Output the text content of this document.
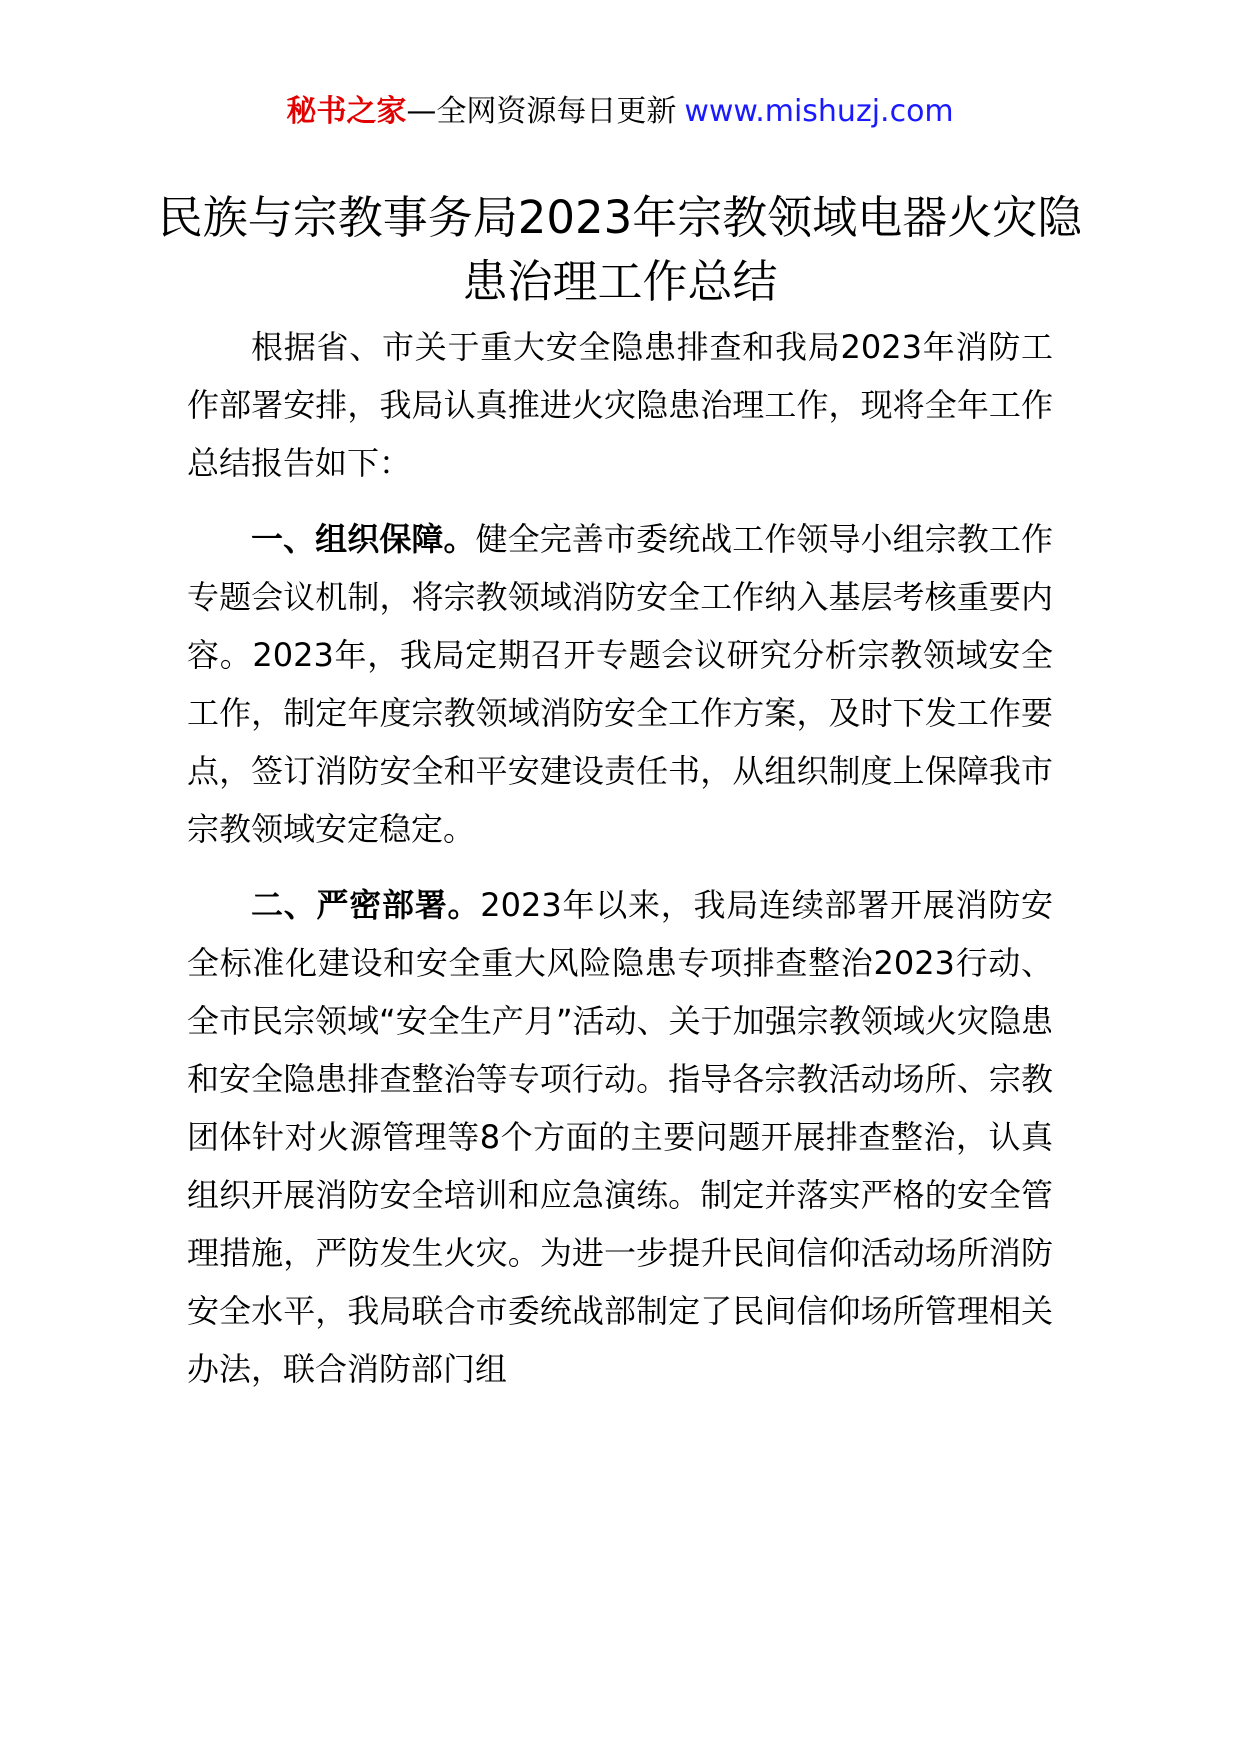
秘书之家—全网资源每日更新 www.mishuzj.com
民族与宗教事务局2023年宗教领域电器火灾隐患治理工作总结

根据省、市关于重大安全隐患排查和我局2023年消防工作部署安排，我局认真推进火灾隐患治理工作，现将全年工作总结报告如下：

一、组织保障。健全完善市委统战工作领导小组宗教工作专题会议机制，将宗教领域消防安全工作纳入基层考核重要内容。2023年，我局定期召开专题会议研究分析宗教领域安全工作，制定年度宗教领域消防安全工作方案，及时下发工作要点，签订消防安全和平安建设责任书，从组织制度上保障我市宗教领域安定稳定。

二、严密部署。2023年以来，我局连续部署开展消防安全标准化建设和安全重大风险隐患专项排查整治2023行动、全市民宗领域“安全生产月”活动、关于加强宗教领域火灾隐患和安全隐患排查整治等专项行动。指导各宗教活动场所、宗教团体针对火源管理等8个方面的主要问题开展排查整治，认真组织开展消防安全培训和应急演练。制定并落实严格的安全管理措施，严防发生火灾。为进一步提升民间信仰活动场所消防安全水平，我局联合市委统战部制定了民间信仰场所管理相关办法，联合消防部门组
